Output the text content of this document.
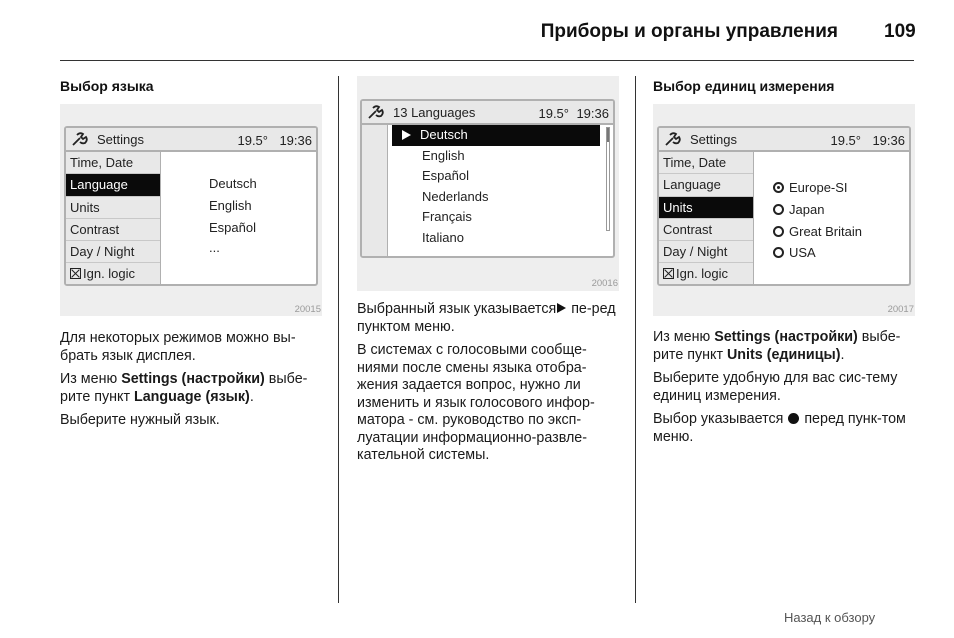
Приборы и органы управления 109
Выбор языка
Settings	19.5° 19:36
Time, Date
Language
Units
Contrast
Day / Night
Ign. logic
Deutsch
English
Español
...
20015

Для некоторых режимов можно вы-брать язык дисплея.

Из меню Settings (настройки) выбе-рите пункт Language (язык).

Выберите нужный язык.

13 Languages	19.5° 19:36
Deutsch
English
Español
Nederlands
Français
Italiano
20016

Выбранный язык указывается пе-ред пунктом меню.

В системах с голосовыми сообще-ниями после смены языка отобра-жения задается вопрос, нужно ли изменить и язык голосового инфор-матора - см. руководство по эксп-луатации информационно-развле-кательной системы.

Выбор единиц измерения
Settings	19.5° 19:36
Time, Date
Language
Units
Contrast
Day / Night
Ign. logic
Europe-SI
Japan
Great Britain
USA
20017

Из меню Settings (настройки) выбе-рите пункт Units (единицы).

Выберите удобную для вас сис-тему единиц измерения.

Выбор указывается  перед пунк-том меню.

Назад к обзору
